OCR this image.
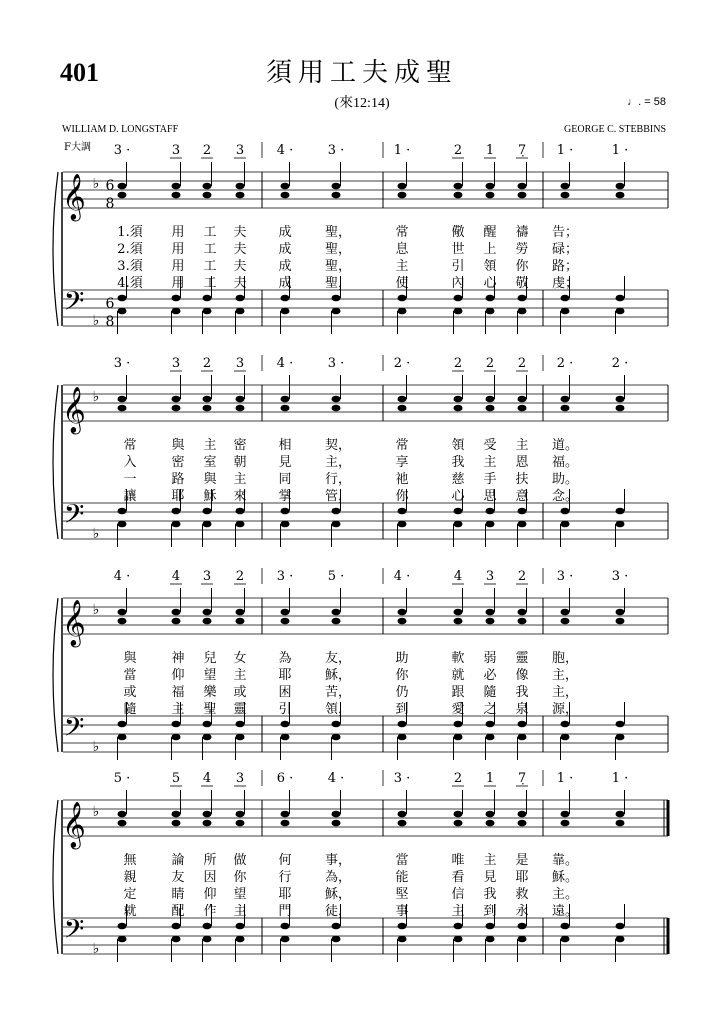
401	須用工夫成聖
(來12:14)	♩. = 58
WILLIAM D. LONGSTAFF	GEORGE C. STEBBINS
F大調 3 ·	3 2 3	4 ·	3 ·	1 ·	2 1 7̣ 1 ·	1 ·
𝄞 ♭ 6
8
𝄢 ♭
6
8
1.須 用 工 夫 成	聖，	常	儆 醒 禱 告；
2.須 用 工 夫 成	聖，	息	世 上 勞 碌；
3.須 用 工 夫 成	聖，	主	引 領 你 路；
4.須 用 工 夫 成	聖，	使	內 心 敬 虔；
3 ·	3 2 3	4 ·	3 ·	2 ·	2 2 2 2 ·	2 ·
𝄞 ♭
𝄢 ♭
常	與 主 密 相	契，	常	領 受 主 道。
入	密 室 朝 見	主，	享	我 主 恩 福。
一	路 與 主 同	行，	祂	慈 手 扶 助。
讓	耶 穌 來 掌	管，	你	心 思 意 念。
4 ·	4 3 2	3 ·	5 ·	4 ·	4 3 2 3 ·	3 ·
𝄞 ♭
𝄢 ♭
與	神 兒 女 為	友，	助	軟 弱 靈 胞，
當	仰 望 主 耶	穌，	你	就 必 像 主，
或	福 樂 或 困	苦，	仍	跟 隨 我 主，
隨	主 聖 靈 引	領，	到	愛 之 泉 源，
5 ·	5 4 3	6 ·	4 ·	3 ·	2 1 7̣ 1 ·	1 ·
𝄞 ♭
𝄢 ♭
無	論 所 做 何	事，	當	唯 主 是 靠。
親	友 因 你 行	為，	能	看 見 耶 穌。
定	睛 仰 望 耶	穌，	堅	信 我 救 主。
就	配 作 主 門	徒，	事	主 到 永 遠。
